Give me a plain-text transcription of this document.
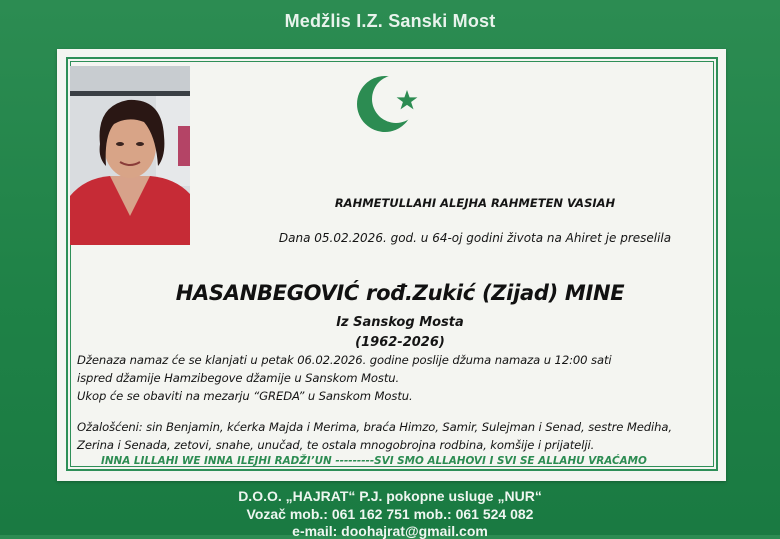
Medžlis I.Z. Sanski Most
RAHMETULLAHI ALEJHA RAHMETEN VASIAH
Dana 05.02.2026. god. u 64-oj godini života na Ahiret je preselila
HASANBEGOVIĆ rođ.Zukić (Zijad) MINE
Iz Sanskog Mosta
(1962-2026)
Dženaza namaz će se klanjati u petak 06.02.2026. godine poslije džuma namaza u 12:00 sati
ispred džamije Hamzibegove džamije u Sanskom Mostu.
Ukop će se obaviti na mezarju “GREDA” u Sanskom Mostu.
Ožalošćeni: sin Benjamin, kćerka Majda i Merima, braća Himzo, Samir, Sulejman i Senad, sestre Mediha,
Zerina i Senada, zetovi, snahe, unučad, te ostala mnogobrojna rodbina, komšije i prijatelji.
INNA LILLAHI WE INNA ILEJHI RADŽI’UN ---------SVI SMO ALLAHOVI I SVI SE ALLAHU VRAĆAMO
D.O.O. „HAJRAT“ P.J. pokopne usluge „NUR“
Vozač mob.: 061 162 751 mob.: 061 524 082
e-mail: doohajrat@gmail.com
